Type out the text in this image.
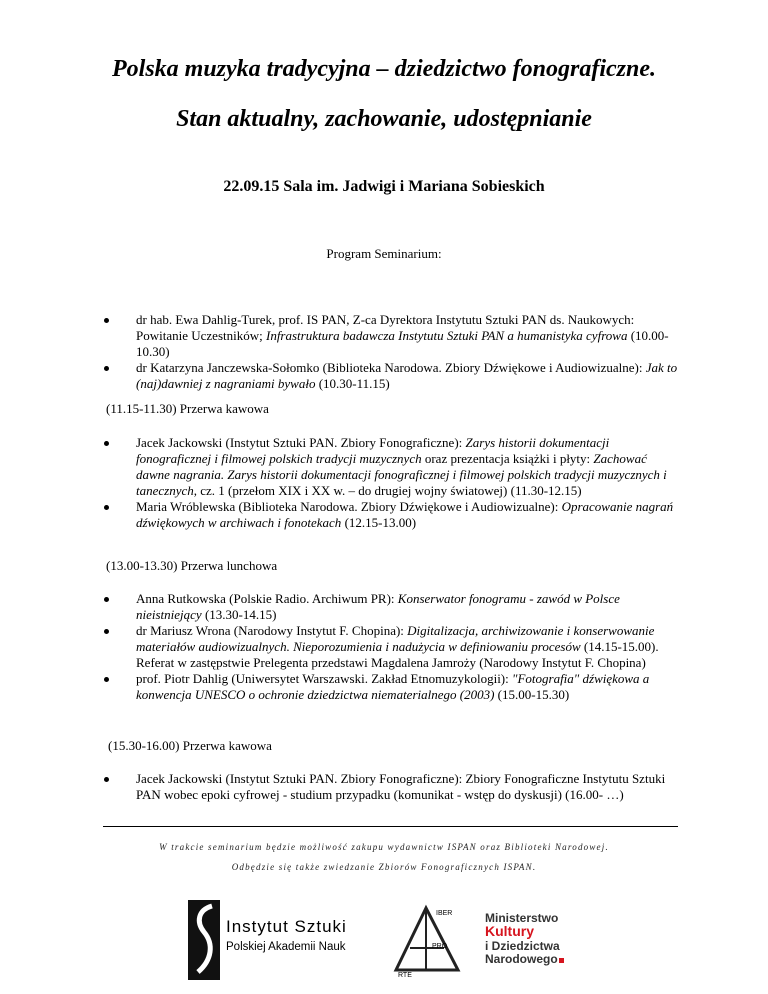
Polska muzyka tradycyjna – dziedzictwo fonograficzne.
Stan aktualny, zachowanie, udostępnianie
22.09.15 Sala im. Jadwigi i Mariana Sobieskich
Program Seminarium:
dr hab. Ewa Dahlig-Turek, prof. IS PAN, Z-ca Dyrektora Instytutu Sztuki PAN ds. Naukowych: Powitanie Uczestników; Infrastruktura badawcza Instytutu Sztuki PAN a humanistyka cyfrowa (10.00-10.30)
dr Katarzyna Janczewska-Sołomko (Biblioteka Narodowa. Zbiory Dźwiękowe i Audiowizualne): Jak to (naj)dawniej z nagraniami bywało (10.30-11.15)
(11.15-11.30) Przerwa kawowa
Jacek Jackowski (Instytut Sztuki PAN. Zbiory Fonograficzne): Zarys historii dokumentacji fonograficznej i filmowej polskich tradycji muzycznych oraz prezentacja książki i płyty: Zachować dawne nagrania. Zarys historii dokumentacji fonograficznej i filmowej polskich tradycji muzycznych i tanecznych, cz. 1 (przełom XIX i XX w. – do drugiej wojny światowej) (11.30-12.15)
Maria Wróblewska (Biblioteka Narodowa. Zbiory Dźwiękowe i Audiowizualne): Opracowanie nagrań dźwiękowych w archiwach i fonotekach (12.15-13.00)
(13.00-13.30) Przerwa lunchowa
Anna Rutkowska (Polskie Radio. Archiwum PR): Konserwator fonogramu - zawód w Polsce nieistniejący (13.30-14.15)
dr Mariusz Wrona (Narodowy Instytut F. Chopina): Digitalizacja, archiwizowanie i konserwowanie materiałów audiowizualnych. Nieporozumienia i nadużycia w definiowaniu procesów (14.15-15.00). Referat w zastępstwie Prelegenta przedstawi Magdalena Jamroży (Narodowy Instytut F. Chopina)
prof. Piotr Dahlig (Uniwersytet Warszawski. Zakład Etnomuzykologii): "Fotografia" dźwiękowa a konwencja UNESCO o ochronie dziedzictwa niematerialnego (2003) (15.00-15.30)
(15.30-16.00) Przerwa kawowa
Jacek Jackowski (Instytut Sztuki PAN. Zbiory Fonograficzne): Zbiory Fonograficzne Instytutu Sztuki PAN wobec epoki cyfrowej - studium przypadku (komunikat - wstęp do dyskusji) (16.00- …)
W trakcie seminarium będzie możliwość zakupu wydawnictw ISPAN oraz Biblioteki Narodowej.
Odbędzie się także zwiedzanie Zbiorów Fonograficznych ISPAN.
Instytut Sztuki
Polskiej Akademii Nauk
IBER
PRO
RTE
Ministerstwo
Kultury
i Dziedzictwa
Narodowego
